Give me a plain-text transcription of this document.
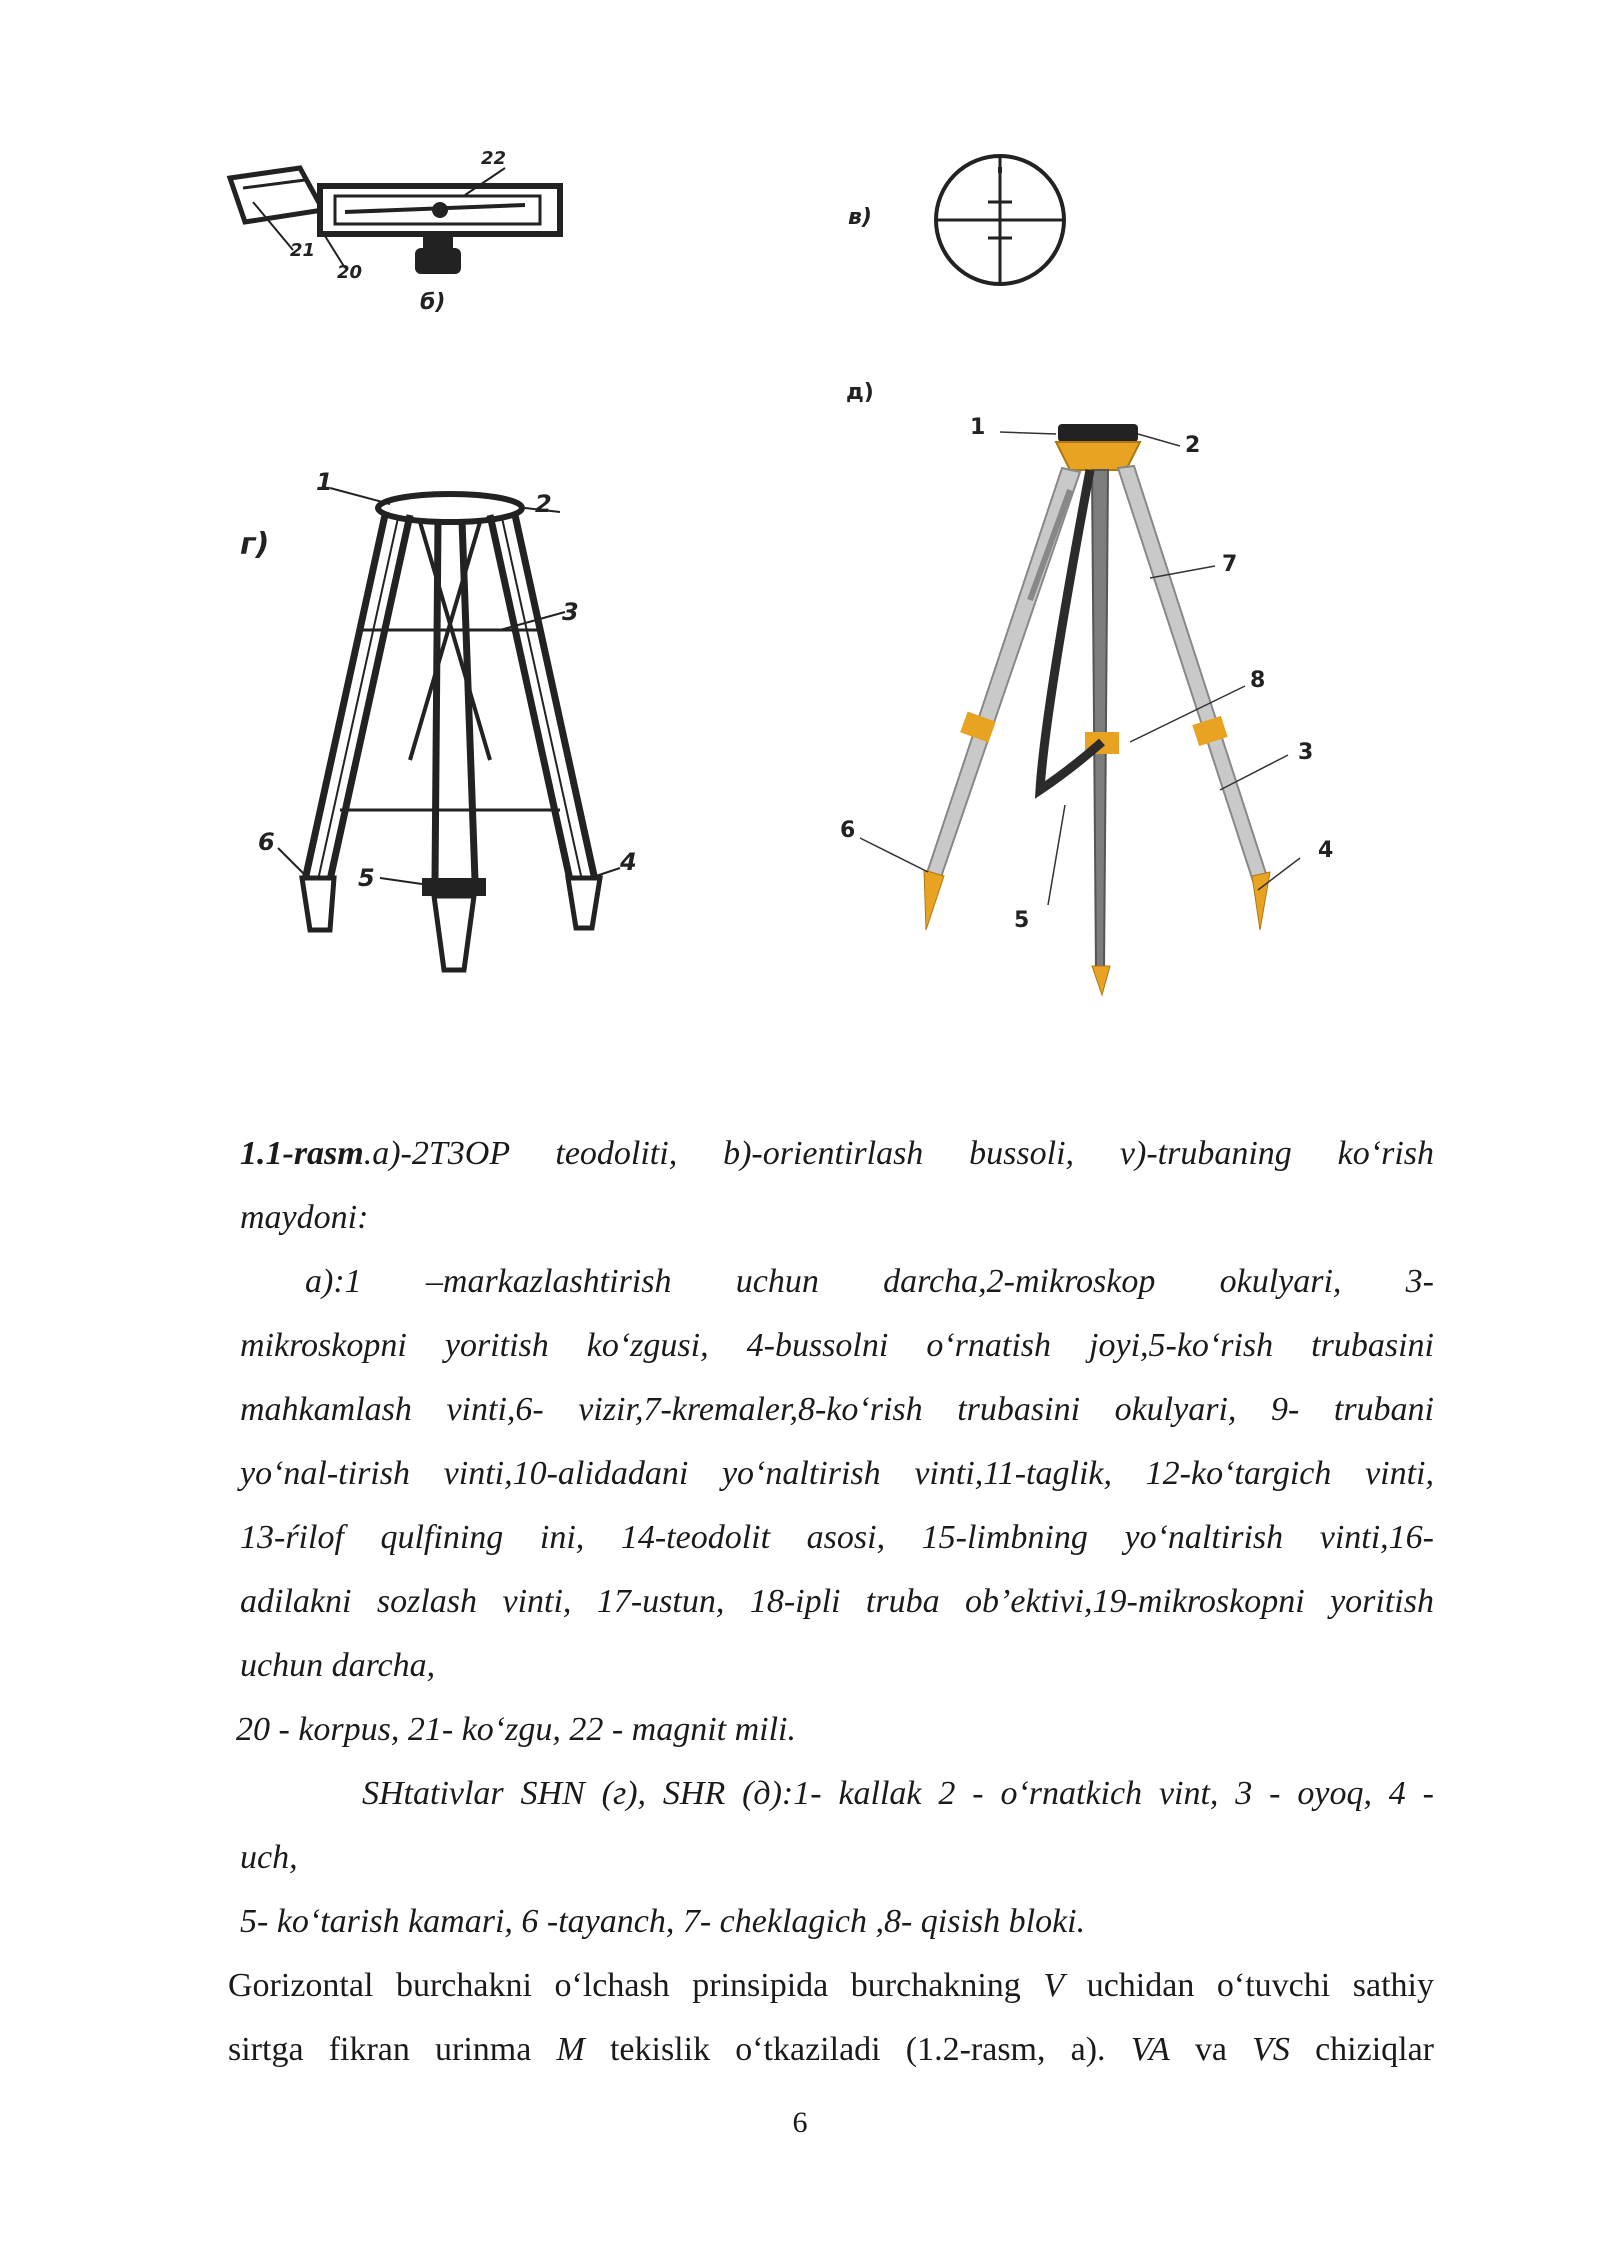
21
20
22
б)
в)
г)
1
2
3
4
5
6
д)
1
2
3
4
5
6
7
8

1.1-rasm.a)-2T3OP teodoliti, b)-orientirlash bussoli, v)-trubaning koʻrish

maydoni:

a):1 –markazlashtirish uchun darcha,2-mikroskop okulyari, 3-

mikroskopni yoritish koʻzgusi, 4-bussolni oʻrnatish joyi,5-koʻrish trubasini

mahkamlash vinti,6- vizir,7-kremaler,8-koʻrish trubasini okulyari, 9- trubani

yoʻnal-tirish vinti,10-alidadani yoʻnaltirish vinti,11-taglik, 12-koʻtargich vinti,

13-ŕilof qulfining ini, 14-teodolit asosi, 15-limbning yoʻnaltirish vinti,16-

adilakni sozlash vinti, 17-ustun, 18-ipli truba ob’ektivi,19-mikroskopni yoritish

uchun darcha,

20 - korpus, 21- koʻzgu, 22 - magnit mili.

SHtativlar SHN (г), SHR (д):1- kallak 2 - oʻrnatkich vint, 3 - oyoq, 4 -

uch,

5- koʻtarish kamari, 6 -tayanch, 7- cheklagich ,8- qisish bloki.

Gorizontal burchakni oʻlchash prinsipida burchakning V uchidan oʻtuvchi sathiy

sirtga fikran urinma M tekislik oʻtkaziladi (1.2-rasm, a). VA va VS chiziqlar

6
